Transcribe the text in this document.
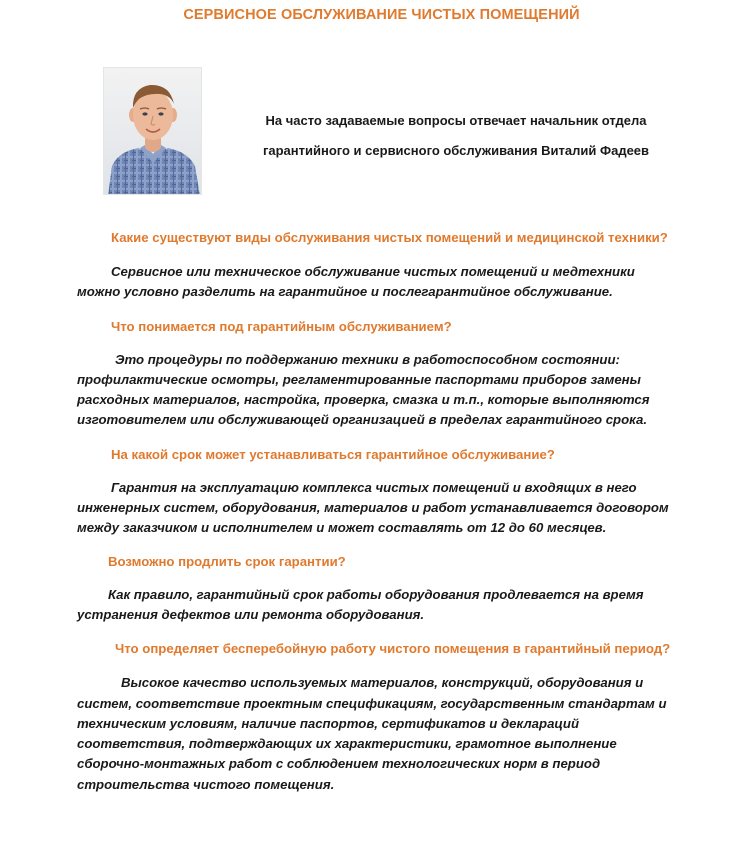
СЕРВИСНОЕ ОБСЛУЖИВАНИЕ ЧИСТЫХ ПОМЕЩЕНИЙ
На часто задаваемые вопросы отвечает начальник отдела
гарантийного и сервисного обслуживания Виталий Фадеев

Какие существуют виды обслуживания чистых помещений и медицинской техники?

Сервисное или техническое обслуживание чистых помещений и медтехники можно условно разделить на гарантийное и послегарантийное обслуживание.

Что понимается под гарантийным обслуживанием?

Это процедуры по поддержанию техники в работоспособном состоянии: профилактические осмотры, регламентированные паспортами приборов замены расходных материалов, настройка, проверка, смазка и т.п., которые выполняются изготовителем или обслуживающей организацией в пределах гарантийного срока.

На какой срок может устанавливаться гарантийное обслуживание?

Гарантия на эксплуатацию комплекса чистых помещений и входящих в него инженерных систем, оборудования, материалов и работ устанавливается договором между заказчиком и исполнителем и может составлять от 12 до 60 месяцев.

Возможно продлить срок гарантии?

Как правило, гарантийный срок работы оборудования продлевается на время устранения дефектов или ремонта оборудования.

Что определяет бесперебойную работу чистого помещения в гарантийный период?

Высокое качество используемых материалов, конструкций, оборудования и систем, соответствие проектным спецификациям, государственным стандартам и техническим условиям, наличие паспортов, сертификатов и деклараций соответствия, подтверждающих их характеристики, грамотное выполнение сборочно-монтажных работ с соблюдением технологических норм в период строительства чистого помещения.
